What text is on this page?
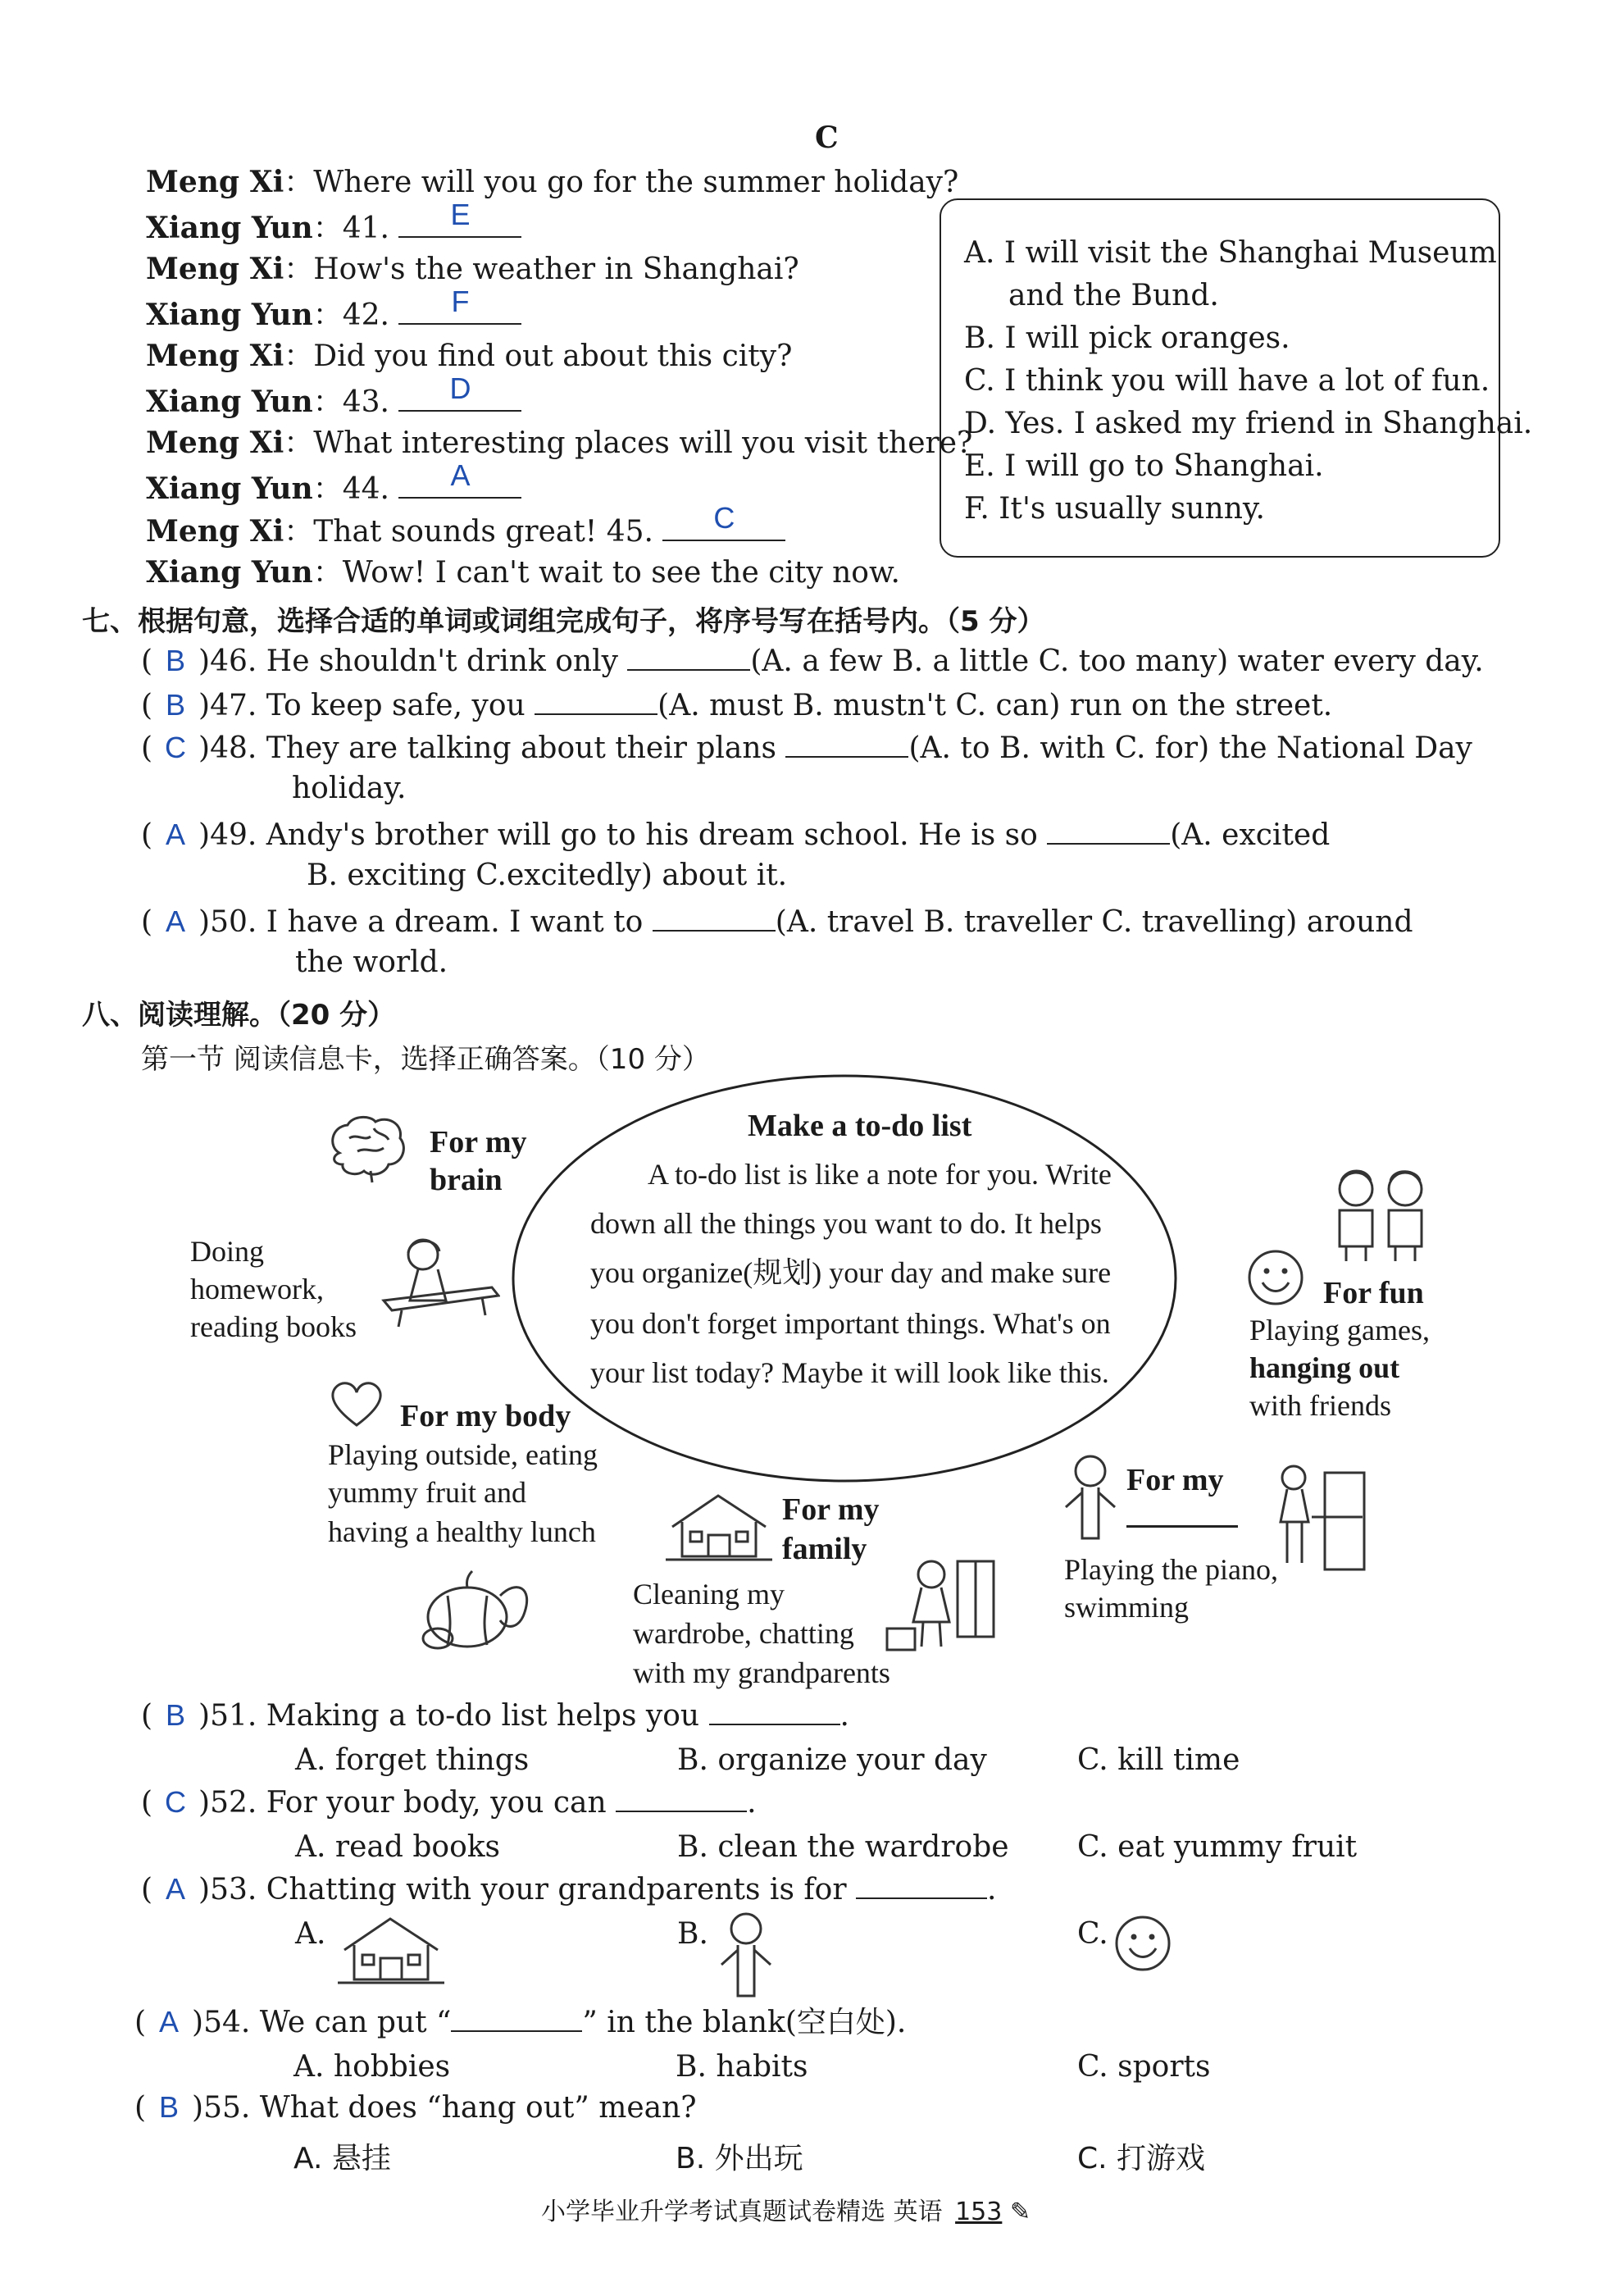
C
Meng Xi：Where will you go for the summer holiday?
Xiang Yun：41.	E
Meng Xi：How's the weather in Shanghai?
Xiang Yun：42.	F
Meng Xi：Did you find out about this city?
Xiang Yun：43.	D
Meng Xi：What interesting places will you visit there?
Xiang Yun：44.	A
Meng Xi：That sounds great! 45.	C
Xiang Yun：Wow! I can't wait to see the city now.
A. I will visit the Shanghai Museum
and the Bund.
B. I will pick oranges.
C. I think you will have a lot of fun.
D. Yes. I asked my friend in Shanghai.
E. I will go to Shanghai.
F. It's usually sunny.
七、根据句意，选择合适的单词或词组完成句子，将序号写在括号内。（5 分）
( B )46. He shouldn't drink only	(A. a few B. a little C. too many) water every day.
( B )47. To keep safe, you	(A. must B. mustn't C. can) run on the street.
( C )48. They are talking about their plans	(A. to B. with C. for) the National Day
holiday.
( A )49. Andy's brother will go to his dream school. He is so	(A. excited
B. exciting C.excitedly) about it.
( A )50. I have a dream. I want to	(A. travel B. traveller C. travelling) around
the world.
八、阅读理解。（20 分）
第一节 阅读信息卡，选择正确答案。（10 分）
Make a to-do list
A to-do list is like a note for you. Write
down all the things you want to do. It helps
you organize(规划) your day and make sure
you don't forget important things. What's on
your list today? Maybe it will look like this.
For my
brain
Doing
homework,
reading books
For fun
Playing games,
hanging out
with friends
For my body
Playing outside, eating
yummy fruit and
having a healthy lunch
For my
family
Cleaning my
wardrobe, chatting
with my grandparents
For my
Playing the piano,
swimming
( B )51. Making a to-do list helps you	.
A. forget things	B. organize your day	C. kill time
( C )52. For your body, you can	.
A. read books	B. clean the wardrobe C. eat yummy fruit
( A )53. Chatting with your grandparents is for	.
A.	B.	C.
( A )54. We can put “	” in the blank(空白处).
A. hobbies	B. habits	C. sports
( B )55. What does “hang out” mean?
A. 悬挂	B. 外出玩	C. 打游戏
小学毕业升学考试真题试卷精选 英语 153 ✎
